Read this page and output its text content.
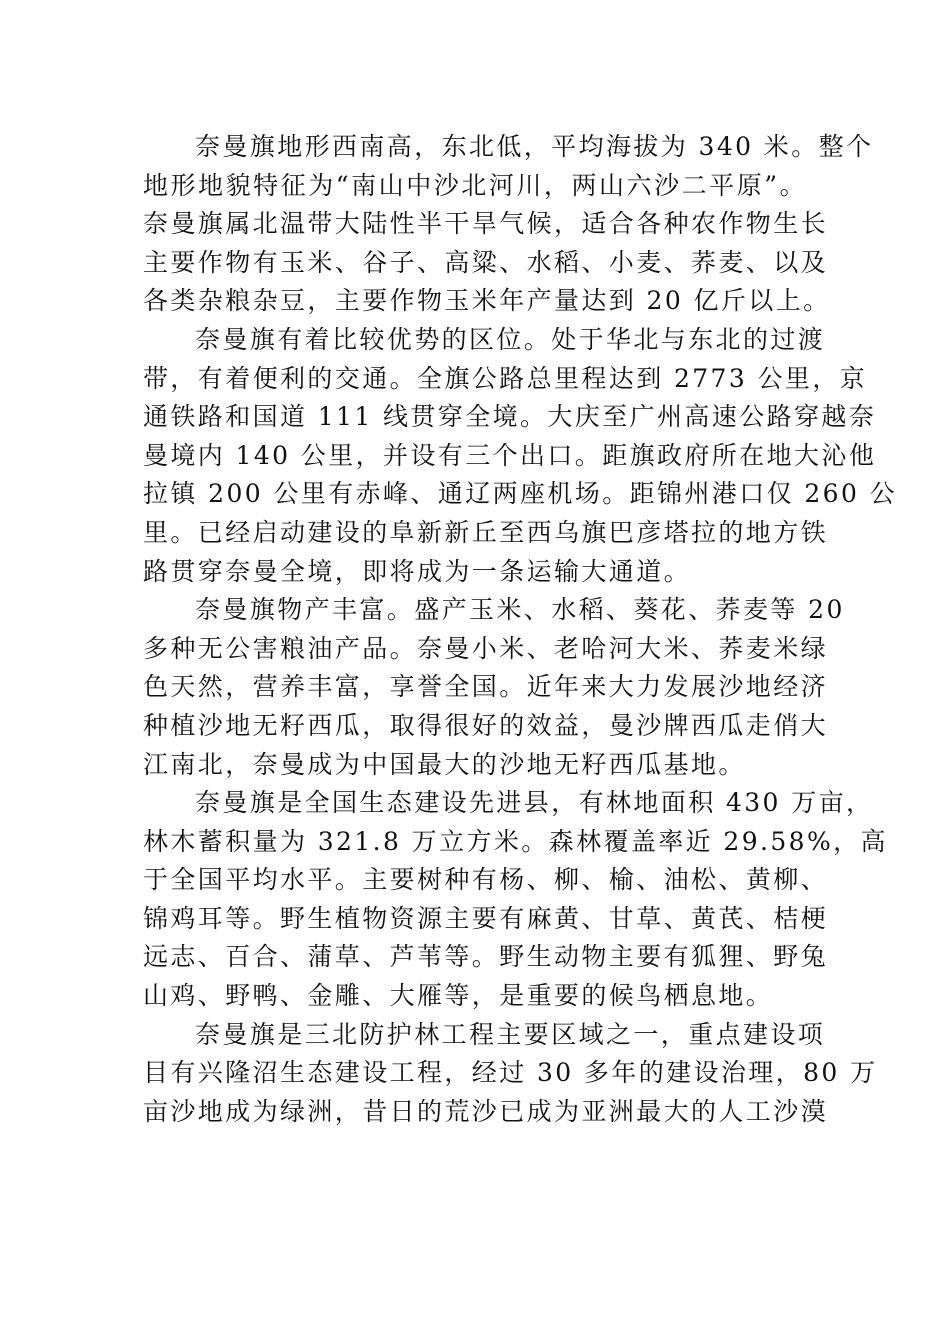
奈曼旗地形西南高，东北低，平均海拔为 340 米。整个
地形地貌特征为“南山中沙北河川，两山六沙二平原”。
奈曼旗属北温带大陆性半干旱气候，适合各种农作物生长
主要作物有玉米、谷子、高粱、水稻、小麦、荞麦、以及
各类杂粮杂豆，主要作物玉米年产量达到 20 亿斤以上。
奈曼旗有着比较优势的区位。处于华北与东北的过渡
带，有着便利的交通。全旗公路总里程达到 2773 公里，京
通铁路和国道 111 线贯穿全境。大庆至广州高速公路穿越奈
曼境内 140 公里，并设有三个出口。距旗政府所在地大沁他
拉镇 200 公里有赤峰、通辽两座机场。距锦州港口仅 260 公
里。已经启动建设的阜新新丘至西乌旗巴彦塔拉的地方铁
路贯穿奈曼全境，即将成为一条运输大通道。
奈曼旗物产丰富。盛产玉米、水稻、葵花、荞麦等 20
多种无公害粮油产品。奈曼小米、老哈河大米、荞麦米绿
色天然，营养丰富，享誉全国。近年来大力发展沙地经济
种植沙地无籽西瓜，取得很好的效益，曼沙牌西瓜走俏大
江南北，奈曼成为中国最大的沙地无籽西瓜基地。
奈曼旗是全国生态建设先进县，有林地面积 430 万亩，
林木蓄积量为 321.8 万立方米。森林覆盖率近 29.58%，高
于全国平均水平。主要树种有杨、柳、榆、油松、黄柳、
锦鸡耳等。野生植物资源主要有麻黄、甘草、黄芪、桔梗
远志、百合、蒲草、芦苇等。野生动物主要有狐狸、野兔
山鸡、野鸭、金雕、大雁等，是重要的候鸟栖息地。
奈曼旗是三北防护林工程主要区域之一，重点建设项
目有兴隆沼生态建设工程，经过 30 多年的建设治理，80 万
亩沙地成为绿洲，昔日的荒沙已成为亚洲最大的人工沙漠
